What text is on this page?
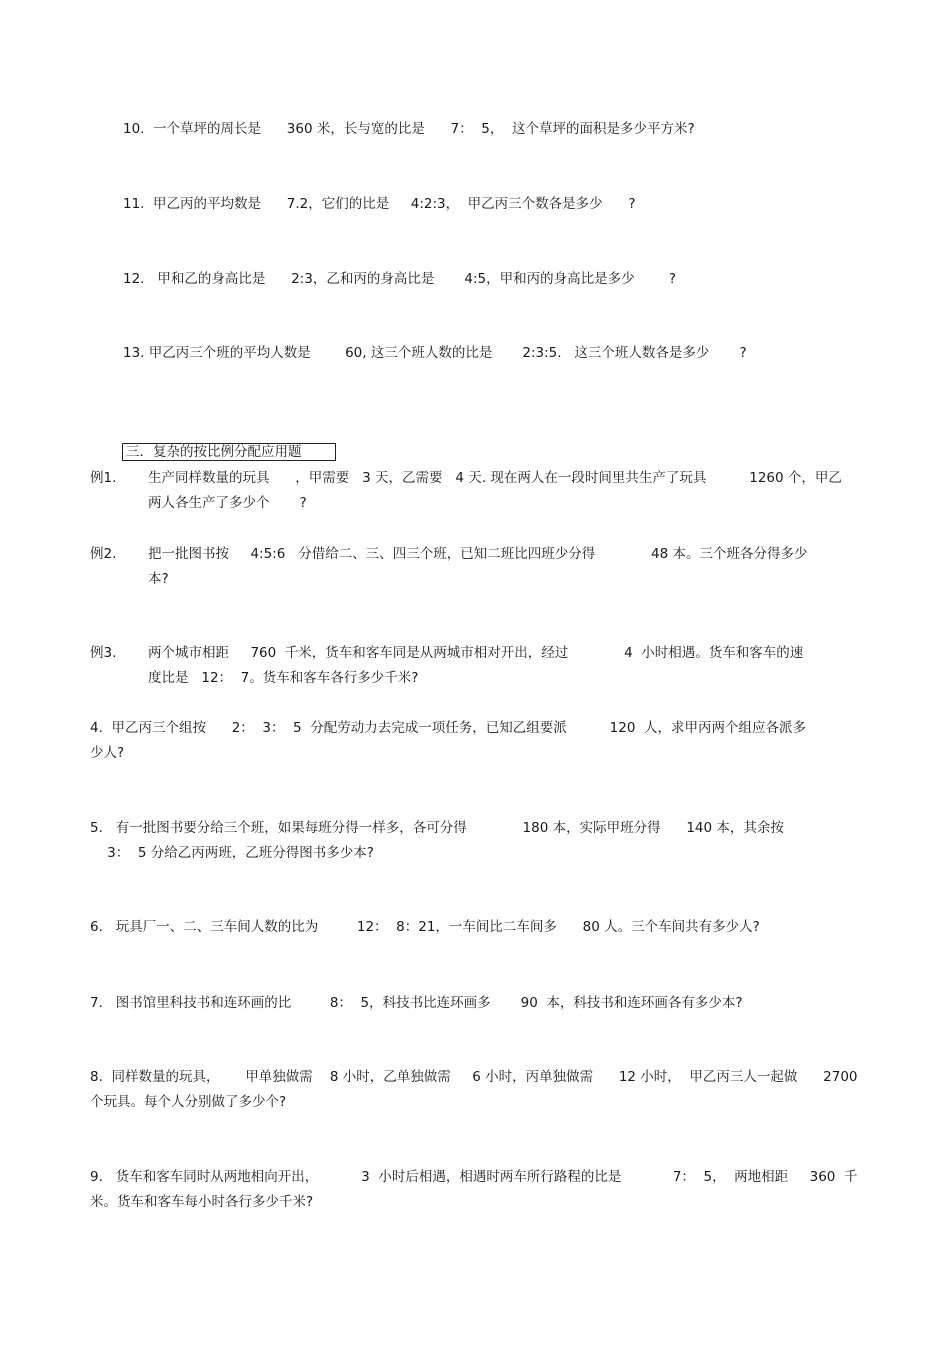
10.  一个草坪的周长是      360 米，长与宽的比是      7：  5，  这个草坪的面积是多少平方米?
11.  甲乙丙的平均数是      7.2，它们的比是     4:2:3，  甲乙丙三个数各是多少      ?
12.   甲和乙的身高比是      2:3，乙和丙的身高比是       4:5，甲和丙的身高比是多少        ?
13. 甲乙丙三个班的平均人数是        60, 这三个班人数的比是       2:3:5.   这三个班人数各是多少       ?
三．复杂的按比例分配应用题
例1. 生产同样数量的玩具      ，甲需要   3 天，乙需要   4 天. 现在两人在一段时间里共生产了玩具          1260 个，甲乙
两人各生产了多少个       ?
例2. 把一批图书按     4:5:6   分借给二、三、四三个班，已知二班比四班少分得             48 本。三个班各分得多少
本?
例3. 两个城市相距     760  千米，货车和客车同是从两城市相对开出，经过             4  小时相遇。货车和客车的速
度比是   12：  7。货车和客车各行多少千米?
4.  甲乙丙三个组按      2：  3：  5  分配劳动力去完成一项任务，已知乙组要派          120  人，求甲丙两个组应各派多
少人?
5.   有一批图书要分给三个班，如果每班分得一样多，各可分得             180 本，实际甲班分得      140 本，其余按
3：  5 分给乙丙两班，乙班分得图书多少本?
6.   玩具厂一、二、三车间人数的比为         12：  8：21，一车间比二车间多      80 人。三个车间共有多少人?
7.   图书馆里科技书和连环画的比         8：  5，科技书比连环画多       90  本，科技书和连环画各有多少本?
8.  同样数量的玩具，      甲单独做需    8 小时，乙单独做需     6 小时，丙单独做需      12 小时，  甲乙丙三人一起做      2700
个玩具。每个人分别做了多少个?
9.   货车和客车同时从两地相向开出，          3  小时后相遇，相遇时两车所行路程的比是            7：  5，  两地相距     360  千
米。货车和客车每小时各行多少千米?
